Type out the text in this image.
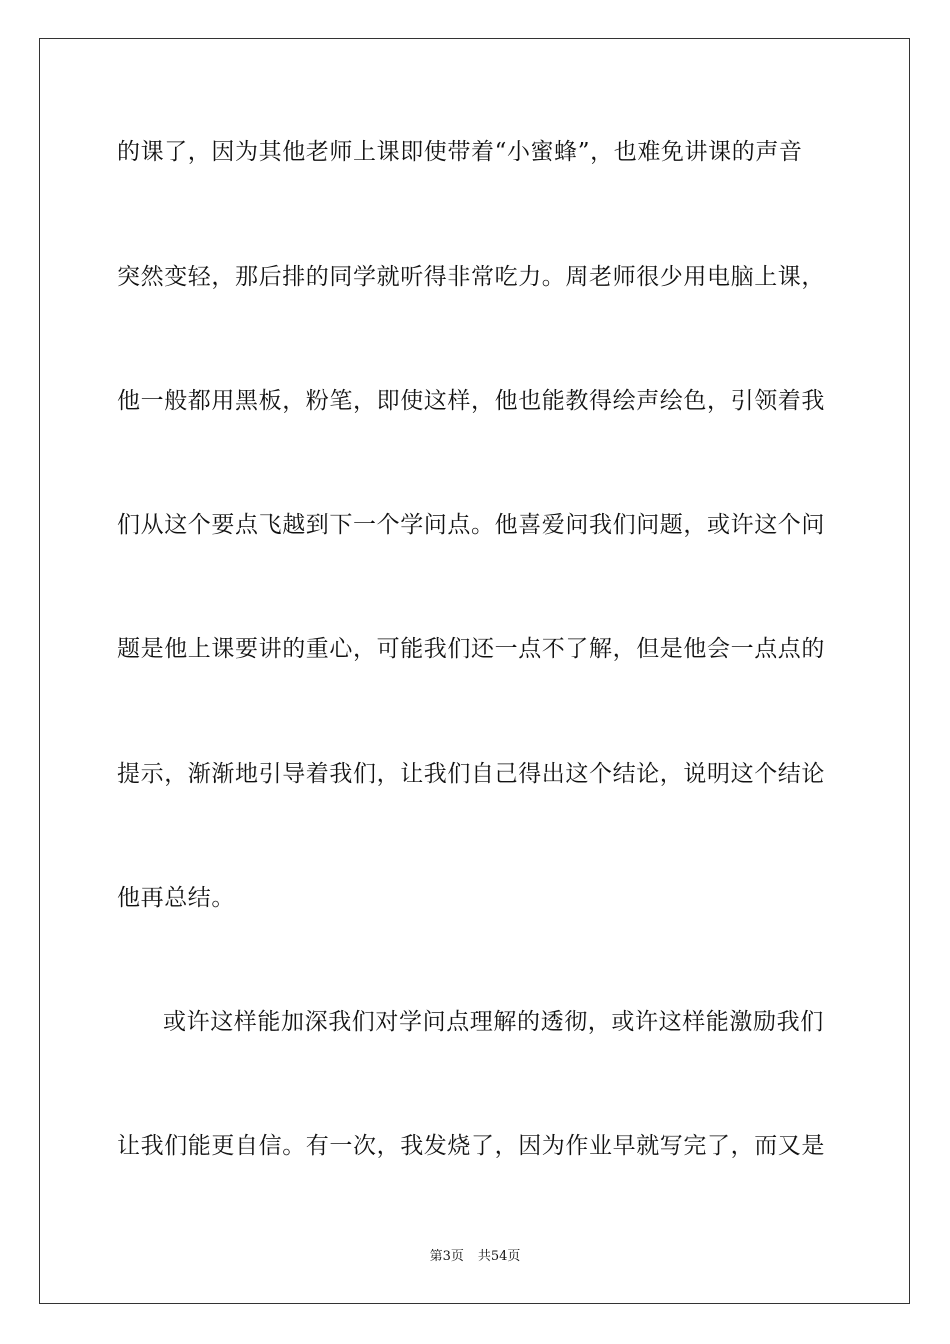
的课了，因为其他老师上课即使带着“小蜜蜂”，也难免讲课的声音
突然变轻，那后排的同学就听得非常吃力。周老师很少用电脑上课，
他一般都用黑板，粉笔，即使这样，他也能教得绘声绘色，引领着我
们从这个要点飞越到下一个学问点。他喜爱问我们问题，或许这个问
题是他上课要讲的重心，可能我们还一点不了解，但是他会一点点的
提示，渐渐地引导着我们，让我们自己得出这个结论，说明这个结论
他再总结。
或许这样能加深我们对学问点理解的透彻，或许这样能激励我们
让我们能更自信。有一次，我发烧了，因为作业早就写完了，而又是
第3页 共54页
